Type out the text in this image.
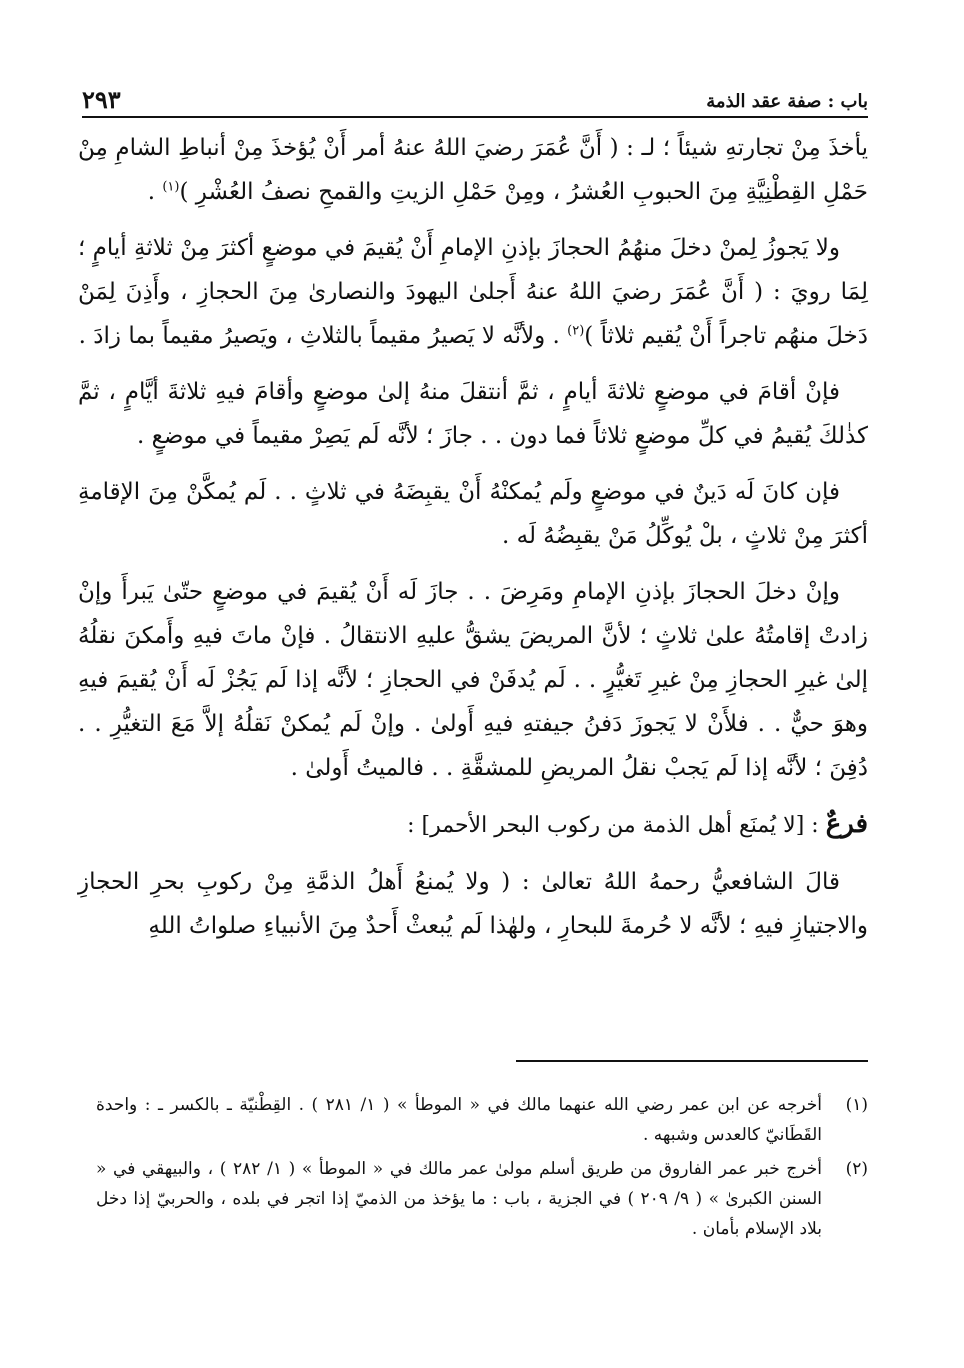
باب : صفة عقد الذمة
٢٩٣

يأخذَ مِنْ تجارتهِ شيئاً ؛ لـ : ( أَنَّ عُمَرَ رضيَ اللهُ عنهُ أمر أَنْ يُؤخذَ مِنْ أنباطِ الشامِ مِنْ حَمْلِ القِطْنِيَّةِ مِنَ الحبوبِ العُشرُ ، ومِنْ حَمْلِ الزيتِ والقمحِ نصفُ العُشْرِ )$^{(١)}$ .

ولا يَجوزُ لِمنْ دخلَ منهُمُ الحجازَ بإذنِ الإمامِ أَنْ يُقيمَ في موضعٍ أكثرَ مِنْ ثلاثةِ أيامٍ ؛ لِمَا رويَ : ( أَنَّ عُمَرَ رضيَ اللهُ عنهُ أَجلىٰ اليهودَ والنصارىٰ مِنَ الحجازِ ، وأَذِنَ لِمَنْ دَخلَ منهُم تاجراً أَنْ يُقيم ثلاثاً )$^{(٢)}$ . ولأنَّه لا يَصيرُ مقيماً بالثلاثِ ، ويَصيرُ مقيماً بما زادَ .

فإنْ أقامَ في موضعٍ ثلاثةَ أيامٍ ، ثمَّ أنتقلَ منهُ إلىٰ موضعٍ وأقامَ فيهِ ثلاثةَ أيَّامٍ ، ثمَّ كذٰلكَ يُقيمُ في كلِّ موضعٍ ثلاثاً فما دون . . جازَ ؛ لأنَّه لَم يَصِرْ مقيماً في موضعٍ .

فإن كانَ لَه دَينٌ في موضعٍ ولَم يُمكنْهُ أَنْ يقبِضَهُ في ثلاثٍ . . لَم يُمكَّنْ مِنَ الإقامةِ أكثرَ مِنْ ثلاثٍ ، بلْ يُوكِّلُ مَنْ يقبِضُهُ لَه .

وإنْ دخلَ الحجازَ بإذنِ الإمامِ ومَرِضَ . . جازَ لَه أَنْ يُقيمَ في موضعٍ حتّىٰ يَبرأَ وإنْ زادتْ إقامتُهُ علىٰ ثلاثٍ ؛ لأنَّ المريضَ يشقُّ عليهِ الانتقالُ . فإنْ ماتَ فيهِ وأَمكنَ نقلُهُ إلىٰ غيرِ الحجازِ مِنْ غيرِ تَغيُّرٍ . . لَم يُدفَنْ في الحجازِ ؛ لأنَّه إذا لَم يَجُزْ لَه أَنْ يُقيمَ فيهِ وهوَ حيٌّ . . فلأَنْ لا يَجوزَ دَفنُ جيفتهِ فيهِ أَولىٰ . وإنْ لَم يُمكنْ نَقلُهُ إلاَّ مَعَ التغيُّرِ . . دُفِنَ ؛ لأنَّه إذا لَم يَجبْ نقلُ المريضِ للمشقَّةِ . . فالميتُ أَولىٰ .

فرعٌ : [لا يُمنَع أهل الذمة من ركوب البحر الأحمر] :

قالَ الشافعيُّ رحمهُ اللهُ تعالىٰ : ( ولا يُمنعُ أَهلُ الذمَّةِ مِنْ ركوبِ بحرِ الحجازِ والاجتيازِ فيهِ ؛ لأنَّه لا حُرمةَ للبحارِ ، ولهٰذا لَم يُبعثْ أَحدٌ مِنَ الأنبياءِ صلواتُ اللهِ

(١)
أخرجه عن ابن عمر رضي الله عنهما مالك في « الموطأ » ( ١/ ٢٨١ ) . القِطْنيّة ـ بالكسر ـ : واحدة القَطَانيّ كالعدس وشبهه .
(٢)
أخرج خبر عمر الفاروق من طريق أسلم مولىٰ عمر مالك في « الموطأ » ( ١/ ٢٨٢ ) ، والبيهقي في « السنن الكبرىٰ » ( ٩/ ٢٠٩ ) في الجزية ، باب : ما يؤخذ من الذميّ إذا اتجر في بلده ، والحربيّ إذا دخل بلاد الإسلام بأمان .
